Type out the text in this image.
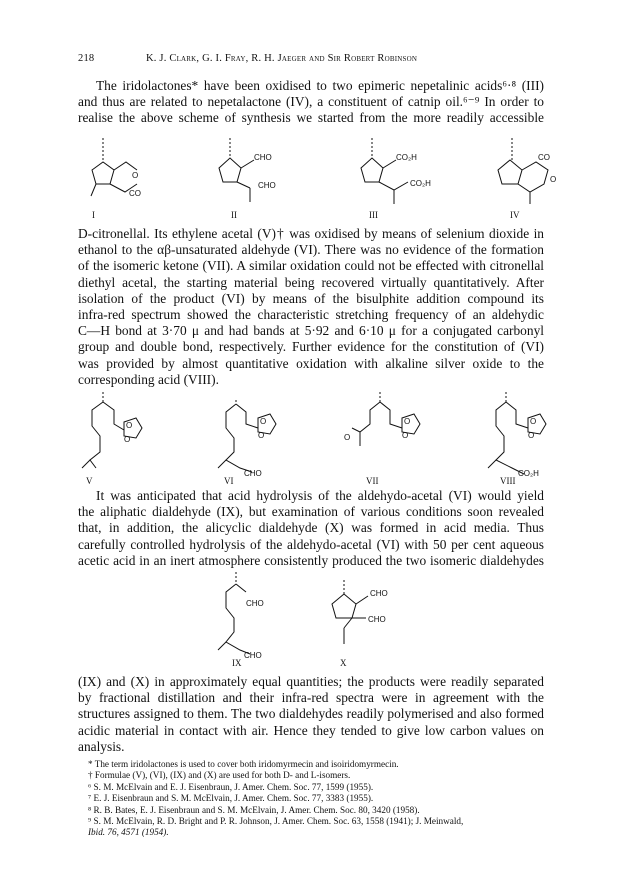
218	K. J. Clark, G. I. Fray, R. H. Jaeger and Sir Robert Robinson
The iridolactones* have been oxidised to two epimeric nepetalinic acids⁶·⁸ (III)
and thus are related to nepetalactone (IV), a constituent of catnip oil.⁶⁻⁹ In order to
realise the above scheme of synthesis we started from the more readily accessible
O
CO
I
CHO
CHO
II
CO₂H
CO₂H
III
CO
O
IV
D-citronellal. Its ethylene acetal (V)† was oxidised by means of selenium dioxide in
ethanol to the αβ-unsaturated aldehyde (VI). There was no evidence of the formation
of the isomeric ketone (VII). A similar oxidation could not be effected with citronellal
diethyl acetal, the starting material being recovered virtually quantitatively. After
isolation of the product (VI) by means of the bisulphite addition compound its
infra-red spectrum showed the characteristic stretching frequency of an aldehydic
C—H bond at 3·70 μ and had bands at 5·92 and 6·10 μ for a conjugated carbonyl
group and double bond, respectively. Further evidence for the constitution of (VI)
was provided by almost quantitative oxidation with alkaline silver oxide to the
corresponding acid (VIII).
O
O
V
O
O
CHO
VI
O
O
O
VII
O
O
CO₂H
VIII
It was anticipated that acid hydrolysis of the aldehydo-acetal (VI) would yield
the aliphatic dialdehyde (IX), but examination of various conditions soon revealed
that, in addition, the alicyclic dialdehyde (X) was formed in acid media. Thus
carefully controlled hydrolysis of the aldehydo-acetal (VI) with 50 per cent aqueous
acetic acid in an inert atmosphere consistently produced the two isomeric dialdehydes
CHO
CHO
IX
CHO
CHO
X
(IX) and (X) in approximately equal quantities; the products were readily separated
by fractional distillation and their infra-red spectra were in agreement with the
structures assigned to them. The two dialdehydes readily polymerised and also formed
acidic material in contact with air. Hence they tended to give low carbon values on
analysis.
* The term iridolactones is used to cover both iridomyrmecin and isoiridomyrmecin.
† Formulae (V), (VI), (IX) and (X) are used for both D- and L-isomers.
⁶ S. M. McElvain and E. J. Eisenbraun, J. Amer. Chem. Soc. 77, 1599 (1955).
⁷ E. J. Eisenbraun and S. M. McElvain, J. Amer. Chem. Soc. 77, 3383 (1955).
⁸ R. B. Bates, E. J. Eisenbraun and S. M. McElvain, J. Amer. Chem. Soc. 80, 3420 (1958).
⁹ S. M. McElvain, R. D. Bright and P. R. Johnson, J. Amer. Chem. Soc. 63, 1558 (1941); J. Meinwald,
Ibid. 76, 4571 (1954).
